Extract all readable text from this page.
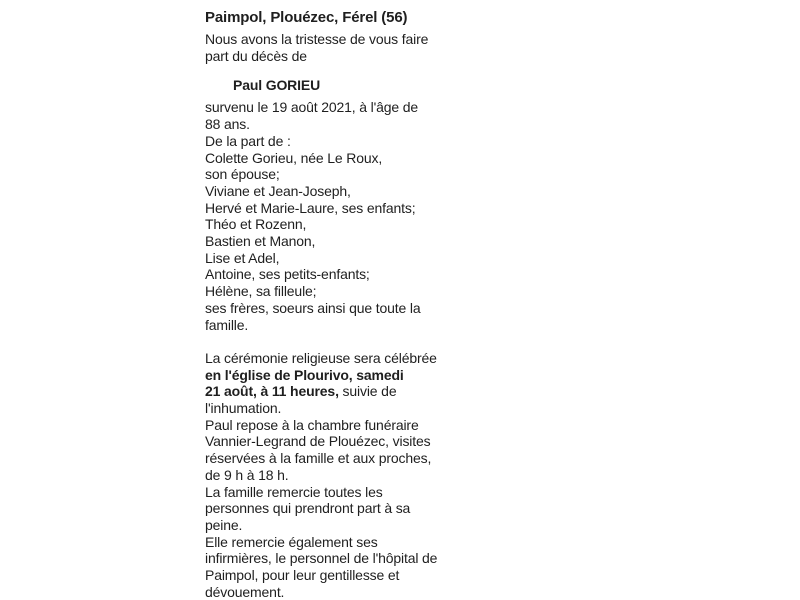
Paimpol, Plouézec, Férel (56)
Nous avons la tristesse de vous faire
part du décès de
Paul GORIEU
survenu le 19 août 2021, à l'âge de
88 ans.
De la part de :
Colette Gorieu, née Le Roux,
son épouse;
Viviane et Jean-Joseph,
Hervé et Marie-Laure, ses enfants;
Théo et Rozenn,
Bastien et Manon,
Lise et Adel,
Antoine, ses petits-enfants;
Hélène, sa filleule;
ses frères, soeurs ainsi que toute la
famille.
La cérémonie religieuse sera célébrée
en l'église de Plourivo, samedi
21 août, à 11 heures, suivie de
l'inhumation.
Paul repose à la chambre funéraire
Vannier-Legrand de Plouézec, visites
réservées à la famille et aux proches,
de 9 h à 18 h.
La famille remercie toutes les
personnes qui prendront part à sa
peine.
Elle remercie également ses
infirmières, le personnel de l'hôpital de
Paimpol, pour leur gentillesse et
dévouement.
